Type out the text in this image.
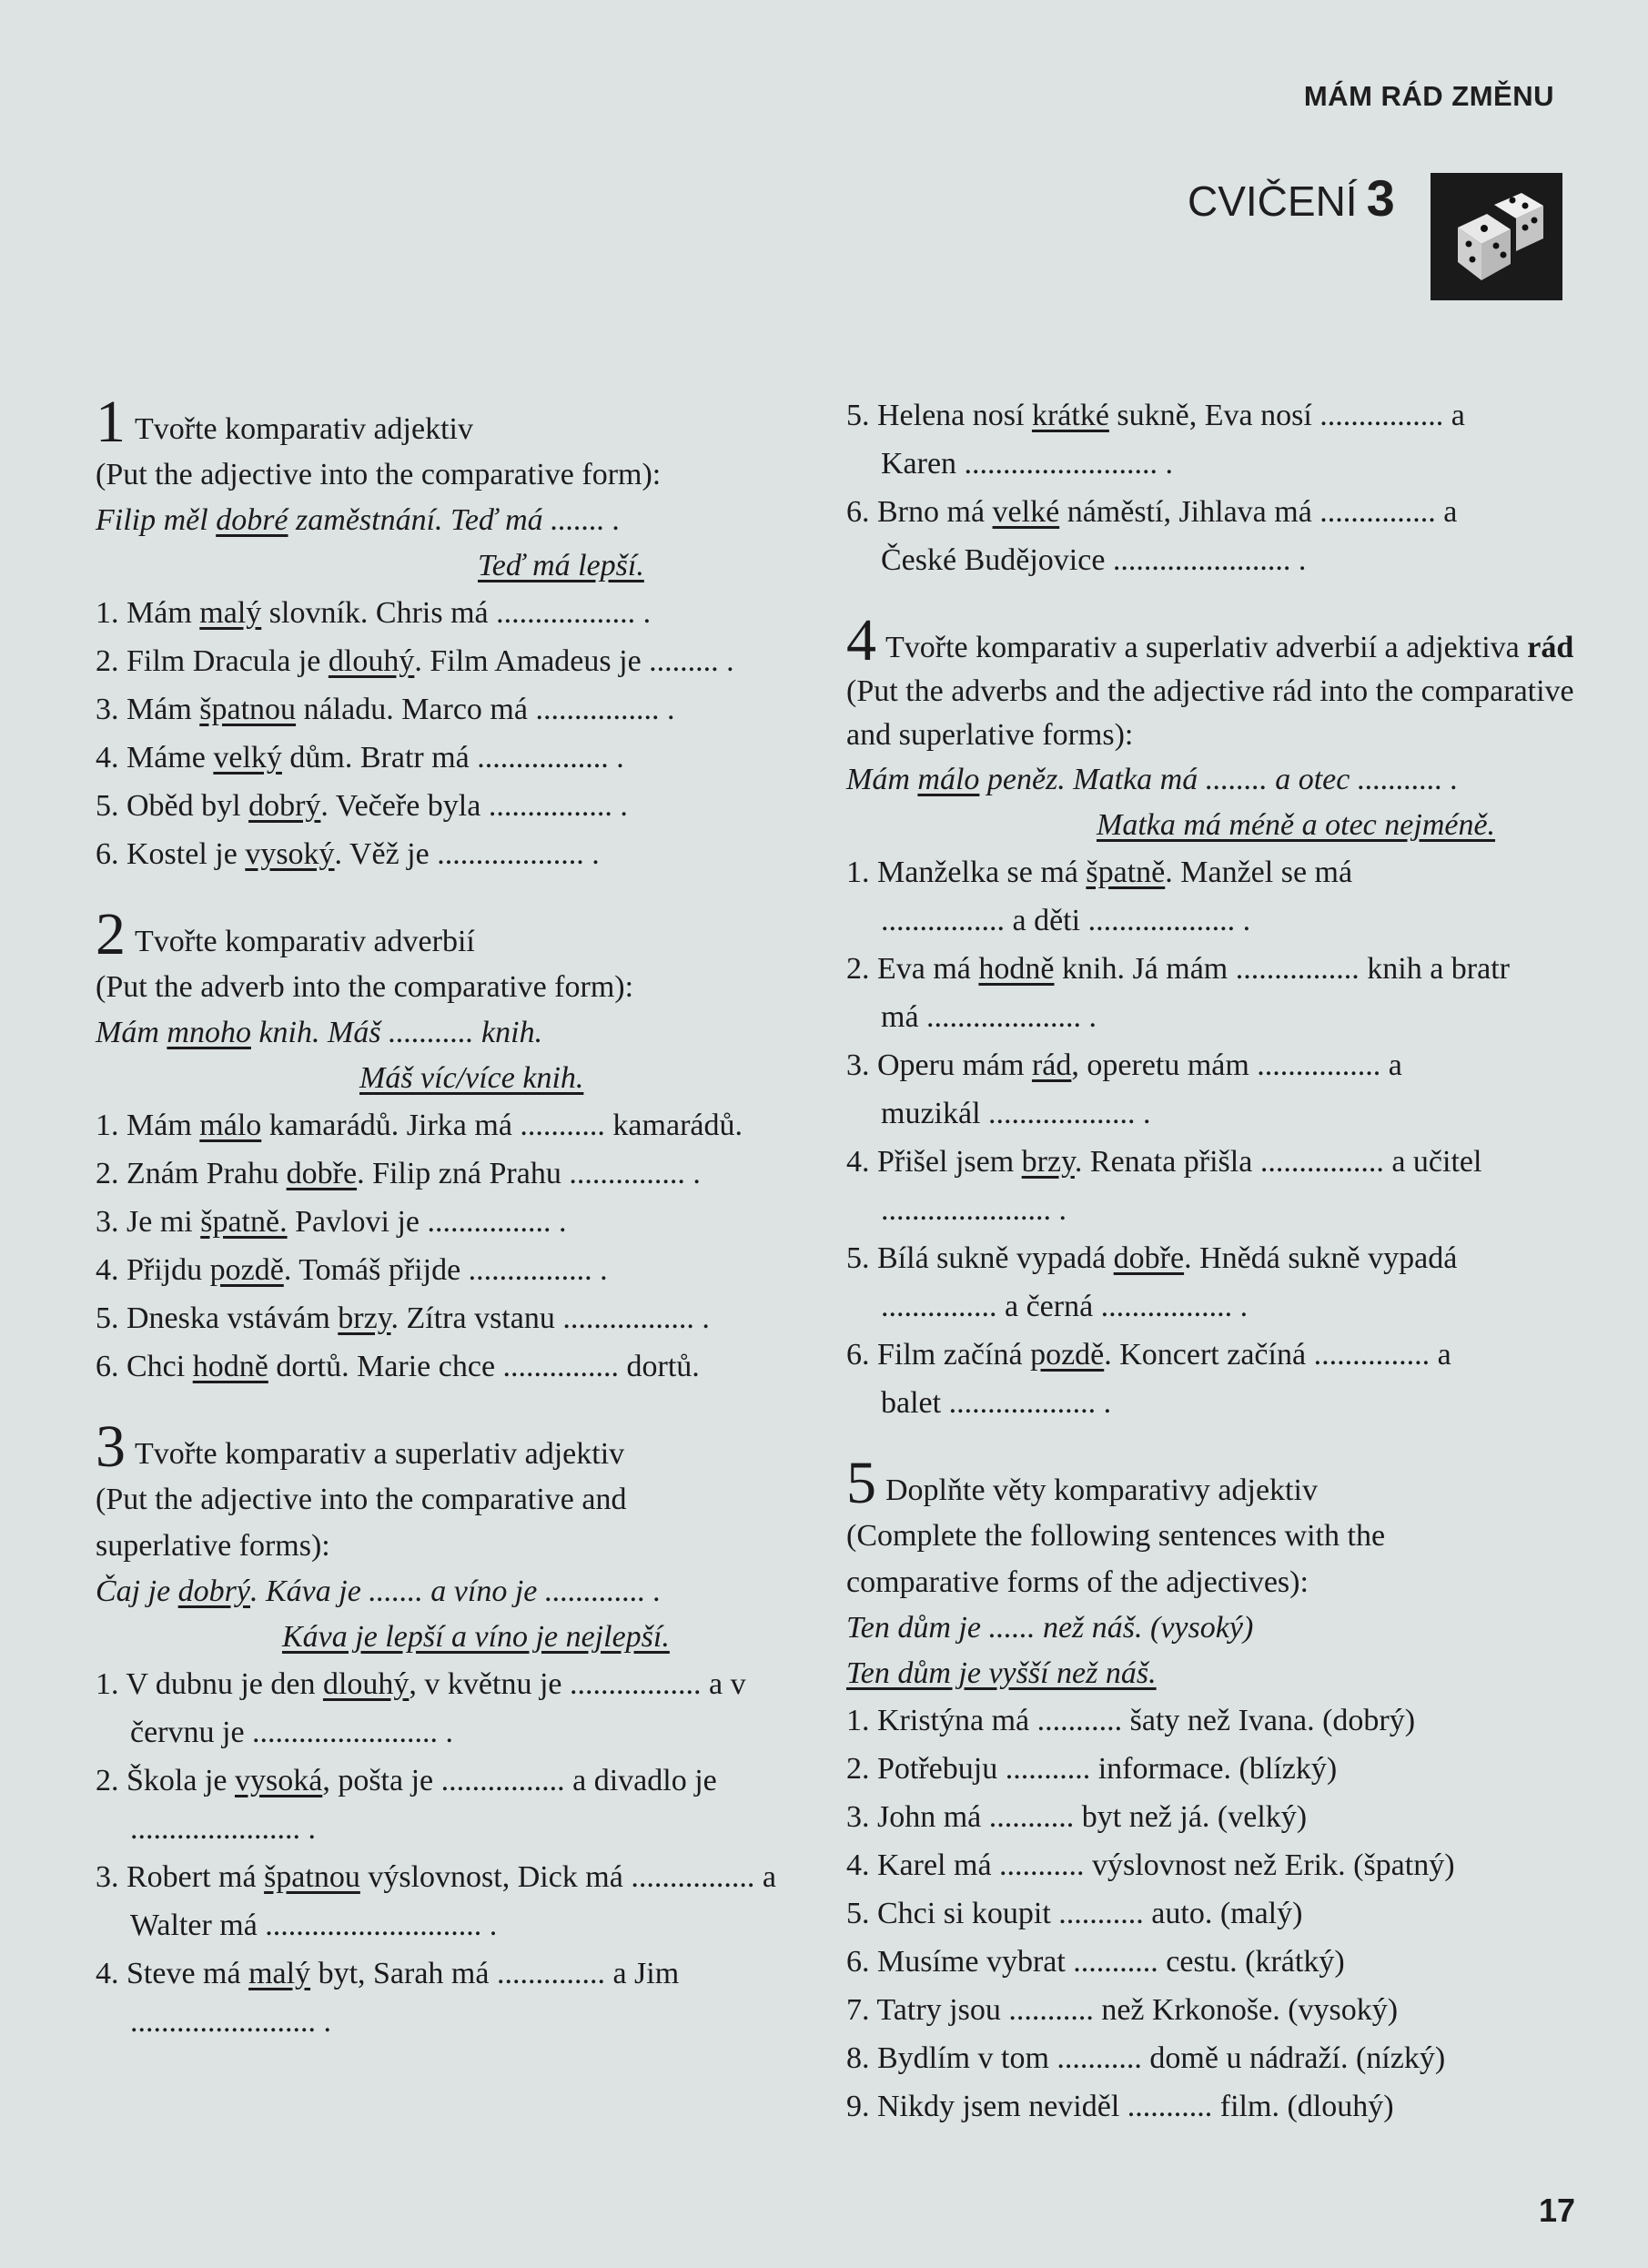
MÁM RÁD ZMĚNU
CVIČENÍ 3
1 Tvořte komparativ adjektiv
(Put the adjective into the comparative form):
Filip měl dobré zaměstnání. Teď má ....... .
Teď má lepší.
1. Mám malý slovník. Chris má .................. .
2. Film Dracula je dlouhý. Film Amadeus je ......... .
3. Mám špatnou náladu. Marco má ................ .
4. Máme velký dům. Bratr má ................. .
5. Oběd byl dobrý. Večeře byla ................ .
6. Kostel je vysoký. Věž je ................... .
2 Tvořte komparativ adverbií
(Put the adverb into the comparative form):
Mám mnoho knih. Máš ........... knih.
Máš víc/více knih.
1. Mám málo kamarádů. Jirka má ........... kamarádů.
2. Znám Prahu dobře. Filip zná Prahu ............... .
3. Je mi špatně. Pavlovi je ................ .
4. Přijdu pozdě. Tomáš přijde ................ .
5. Dneska vstávám brzy. Zítra vstanu ................. .
6. Chci hodně dortů. Marie chce ............... dortů.
3 Tvořte komparativ a superlativ adjektiv
(Put the adjective into the comparative and superlative forms):
Čaj je dobrý. Káva je ....... a víno je ............. .
Káva je lepší a víno je nejlepší.
1. V dubnu je den dlouhý, v květnu je ................. a v červnu je ........................ .
2. Škola je vysoká, pošta je ................ a divadlo je ...................... .
3. Robert má špatnou výslovnost, Dick má ................ a Walter má ............................ .
4. Steve má malý byt, Sarah má .............. a Jim ........................ .
5. Helena nosí krátké sukně, Eva nosí ................ a Karen ......................... .
6. Brno má velké náměstí, Jihlava má ............... a České Budějovice ....................... .
4 Tvořte komparativ a superlativ adverbií a adjektiva rád (Put the adverbs and the adjective rád into the comparative and superlative forms):
Mám málo peněz. Matka má ........ a otec ........... .
Matka má méně a otec nejméně.
1. Manželka se má špatně. Manžel se má ................ a děti ................... .
2. Eva má hodně knih. Já mám ................ knih a bratr má .................... .
3. Operu mám rád, operetu mám ................ a muzikál ................... .
4. Přišel jsem brzy. Renata přišla ................ a učitel ...................... .
5. Bílá sukně vypadá dobře. Hnědá sukně vypadá ............... a černá ................. .
6. Film začíná pozdě. Koncert začíná ............... a balet ................... .
5 Doplňte věty komparativy adjektiv
(Complete the following sentences with the comparative forms of the adjectives):
Ten dům je ...... než náš. (vysoký)
Ten dům je vyšší než náš.
1. Kristýna má ........... šaty než Ivana. (dobrý)
2. Potřebuju ........... informace. (blízký)
3. John má ........... byt než já. (velký)
4. Karel má ........... výslovnost než Erik. (špatný)
5. Chci si koupit ........... auto. (malý)
6. Musíme vybrat ........... cestu. (krátký)
7. Tatry jsou ........... než Krkonoše. (vysoký)
8. Bydlím v tom ........... domě u nádraží. (nízký)
9. Nikdy jsem neviděl ........... film. (dlouhý)
17
